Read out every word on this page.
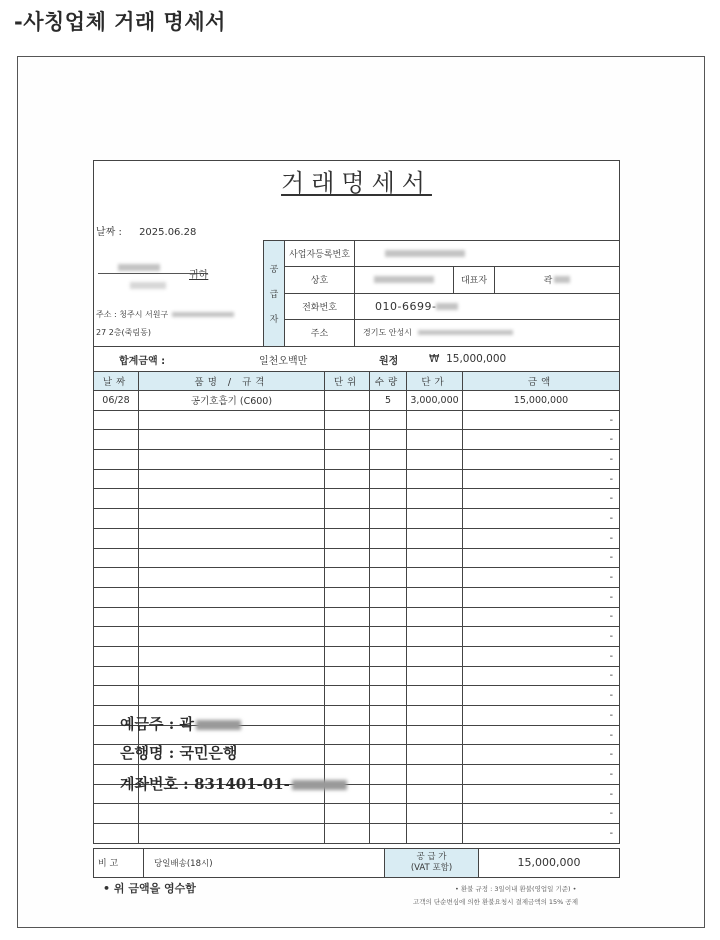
-사칭업체 거래 명세서
거래명세서
날짜 : 2025.06.28
귀하
주소 : 청주시 서원구
27 2층(죽림동)
공
급
자
사업자등록번호
상호	대표자	곽
전화번호	010-6699-
주소	경기도 안성시
합계금액 :	일천오백만	원정	₩ 15,000,000
날짜	품명 / 규격	단위	수량	단가	금액
06/28	공기호흡기 (C600)		5	3,000,000	15,000,000
					-
					-
					-
					-
					-
					-
					-
					-
					-
					-
					-
					-
					-
					-
					-
					-
					-
					-
					-
					-
					-
					-
비 고	당일배송(18시)
공 급 가
(VAT 포함)	15,000,000
예금주 : 곽
은행명 : 국민은행
계좌번호 : 831401-01-
• 위 금액을 영수함	• 환불 규정 : 3일이내 환불(영업일 기준) •
고객의 단순변심에 의한 환불요청시 결제금액의 15% 공제
